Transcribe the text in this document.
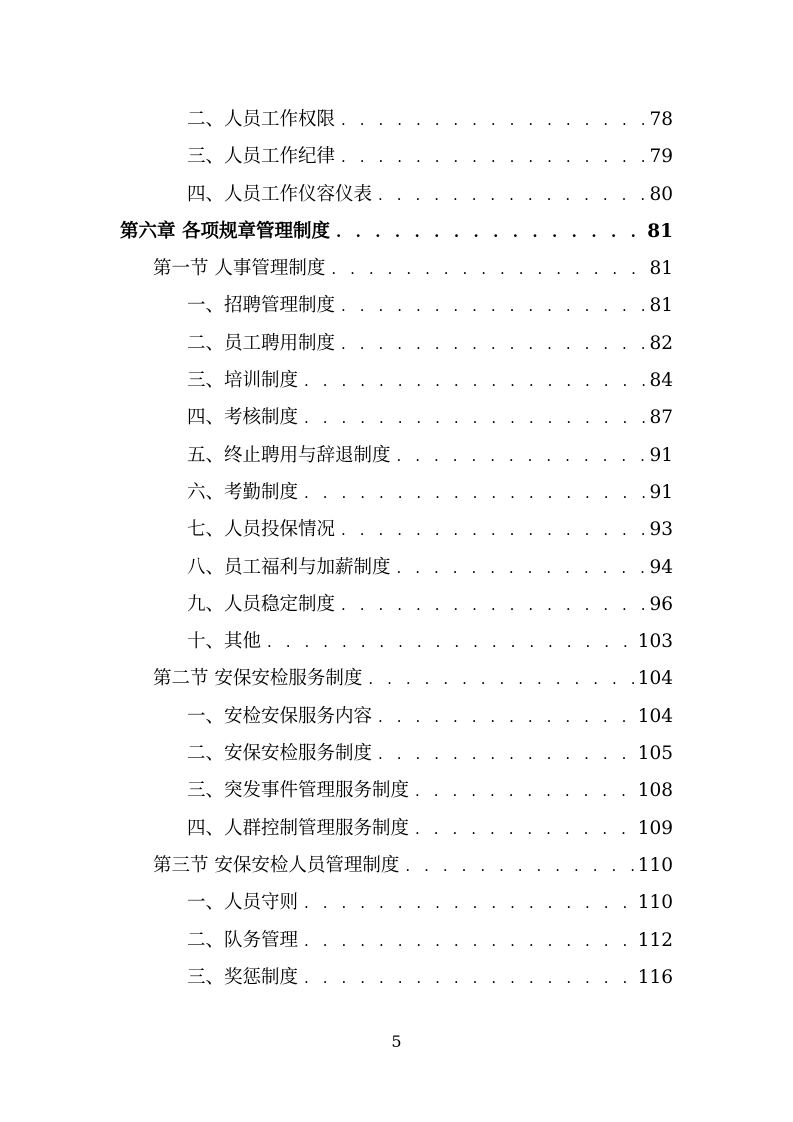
二、人员工作权限 . . .	78
三、人员工作纪律 . . .	79
四、人员工作仪容仪表 . . .	80
第六章 各项规章管理制度 . . .	81
第一节 人事管理制度 . . .	81
一、招聘管理制度 . . .	81
二、员工聘用制度 . . .	82
三、培训制度 . . .	84
四、考核制度 . . .	87
五、终止聘用与辞退制度 . . .	91
六、考勤制度 . . .	91
七、人员投保情况 . . .	93
八、员工福利与加薪制度 . . .	94
九、人员稳定制度 . . .	96
十、其他 . . .	103
第二节 安保安检服务制度 . . .	104
一、安检安保服务内容 . . .	104
二、安保安检服务制度 . . .	105
三、突发事件管理服务制度 . . .	108
四、人群控制管理服务制度 . . .	109
第三节 安保安检人员管理制度 . . .	110
一、人员守则 . . .	110
二、队务管理 . . .	112
三、奖惩制度 . . .	116
5
